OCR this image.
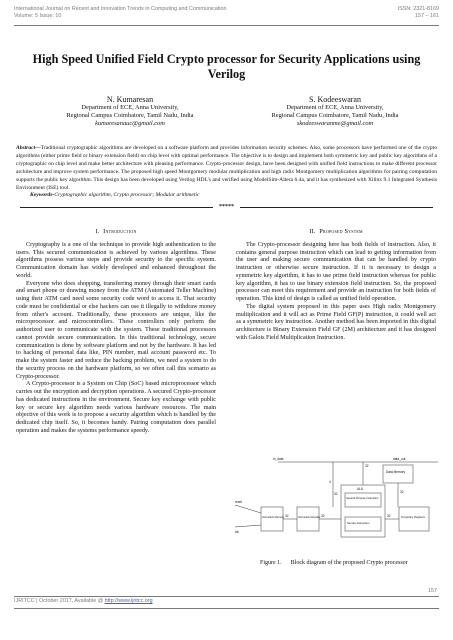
International Journal on Recent and Innovation Trends in Computing and Communication
Volume: 5 Issue: 10
ISSN: 2321-8169
157 – 161
High Speed Unified Field Crypto processor for Security Applications using Verilog
N. Kumaresan
Department of ECE, Anna University,
Regional Campus Coimbatore, Tamil Nadu, India
kumaresanauc@gmail.com
S. Kodeeswaran
Department of ECE, Anna University,
Regional Campus Coimbatore, Tamil Nadu, India
skodeeswaranme@gmail.com
Abstract—Traditional cryptographic algorithms are developed on a software platform and provides information security schemes. Also, some processors have performed one of the crypto algorithms (either prime field or binary extension field) on chip level with optimal performance. The objective is to design and implement both symmetric key and public key algorithms of a cryptographic on chip level and make better architecture with pleasing performance. Crypto-processor design, have been designed with unified field instructions to make different processor architecture and improve system performance. The proposed high speed Montgomery modular multiplication and high radix Montgomery multiplication algorithms for pairing computation supports the public key algorithm. This design has been developed using Verilog HDL's and verified using ModelSim-Altera 6.4a, and it has synthesized with Xilinx 9.1 Integrated Synthesis Environment (ISE) tool.
Keywords-Cryptographic algorithm, Crypto processor; Modular arithmetic
*****
I. Introduction

Cryptography is a one of the technique to provide high authentication to the users. This secured communication is achieved by various algorithms. These algorithms possess various steps and provide security to the specific system. Communication domain has widely developed and enhanced throughout the world.

Everyone who does shopping, transferring money through their smart cards and smart phone or drawing money from the ATM (Automated Teller Machine) using their ATM card need some security code word to access it. That security code must be confidential or else hackers can use it illegally to withdraw money from other's account. Traditionally, these processors are unique, like the microprocessor and microcontrollers. These controllers only perform the authorized user to communicate with the system. These traditional processors cannot provide secure communication. In this traditional technology, secure communication is done by software platform and not by the hardware. It has led to hacking of personal data like, PIN number, mail account password etc. To make the system faster and reduce the hacking problem, we need a system to do the security process on the hardware platform, so we often call this scenario as Crypto-processor.

A Crypto-processor is a System on Chip (SoC) based microprocessor which carries out the encryption and decryption operations. A secured Crypto-processor has dedicated instructions in the environment. Secure key exchange with public key or secure key algorithm needs various hardware resources. The main objective of this work is to propose a security algorithm which is handled by the dedicated chip itself. So, it becomes handy. Pairing computation does parallel operation and makes the systems performance speedy.

II. Proposed System

The Crypto-processor designing here has both fields of instruction. Also, it contains general purpose instruction which can lead to getting information from the user and making secure communication that can be handled by crypto instruction or otherwise secure instruction. If it is necessary to design a symmetric key algorithm, it has to use prime field instruction whereas for public key algorithm, it has to use binary extension field instruction. So, the proposed processor can meet this requirement and provide an instruction for both fields of operation. This kind of design is called as unified field operation.

The digital system proposed in this paper uses High radix Montgomery multiplication and it will act as Prime Field GF(P) instruction, it could well act as a symmetric key instruction. Another method has been imported in this digital architecture is Binary Extension Field GF (2M) architecture and it has designed with Galois Field Multiplication Instruction.

in_data	data_out
Data Memory
ALU
General Purpose Instruction
Secure Instruction
Instruction Memory	Instruction Decoder	Temporary Registers
reset
clk
32
32
32	32	32
4
32
Figure 1. Block diagram of the proposed Crypto processor
157
IJRITCC | October 2017, Available @ http://www.ijritcc.org
